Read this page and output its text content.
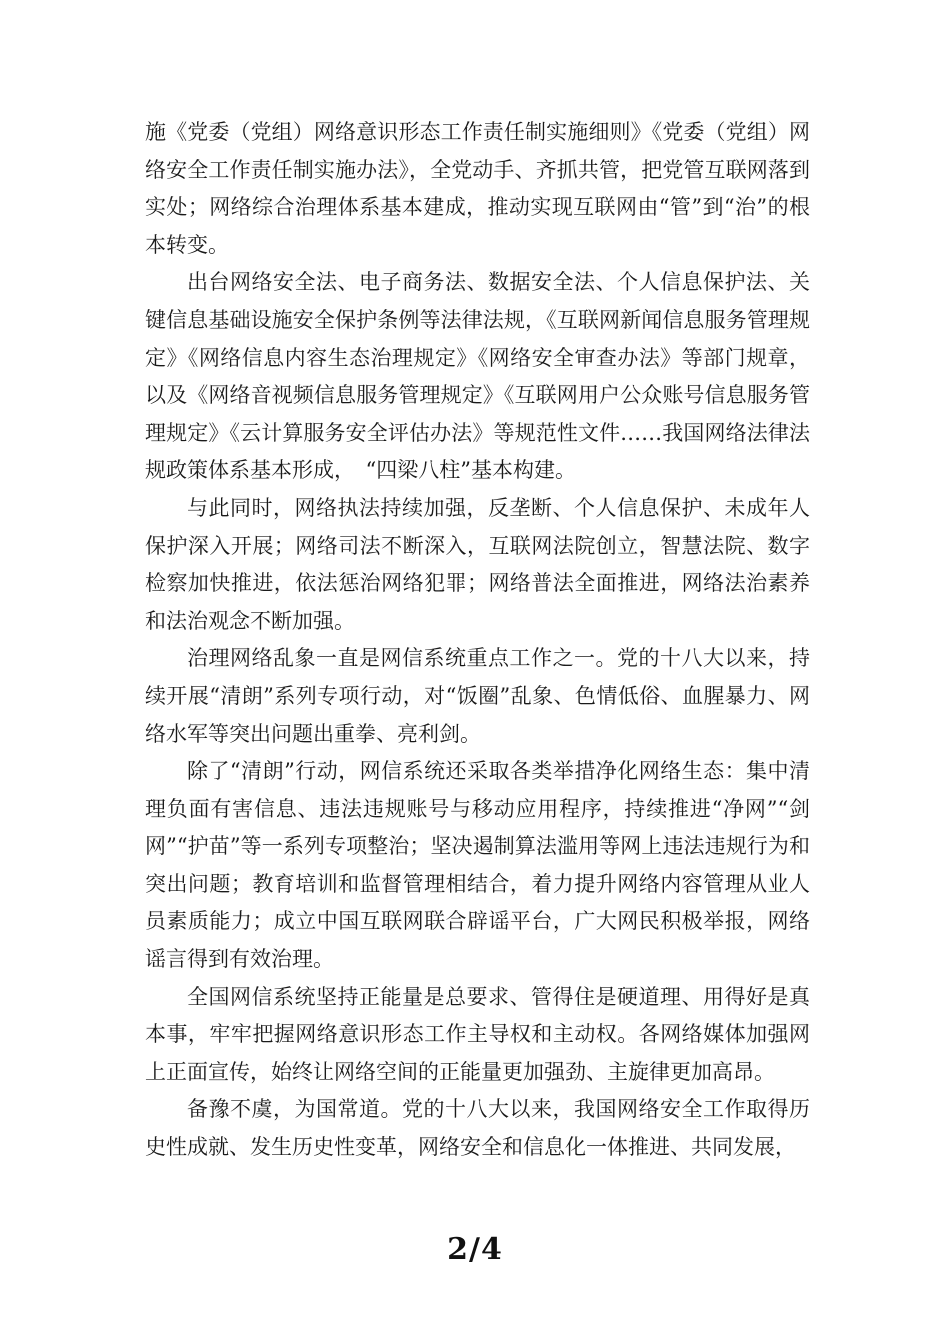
施《党委（党组）网络意识形态工作责任制实施细则》《党委（党组）网络安全工作责任制实施办法》，全党动手、齐抓共管，把党管互联网落到实处；网络综合治理体系基本建成，推动实现互联网由“管”到“治”的根本转变。

出台网络安全法、电子商务法、数据安全法、个人信息保护法、关键信息基础设施安全保护条例等法律法规，《互联网新闻信息服务管理规定》《网络信息内容生态治理规定》《网络安全审查办法》等部门规章，以及《网络音视频信息服务管理规定》《互联网用户公众账号信息服务管理规定》《云计算服务安全评估办法》等规范性文件……我国网络法律法规政策体系基本形成，　“四梁八柱”基本构建。

与此同时，网络执法持续加强，反垄断、个人信息保护、未成年人保护深入开展；网络司法不断深入，互联网法院创立，智慧法院、数字检察加快推进，依法惩治网络犯罪；网络普法全面推进，网络法治素养和法治观念不断加强。

治理网络乱象一直是网信系统重点工作之一。党的十八大以来，持续开展“清朗”系列专项行动，对“饭圈”乱象、色情低俗、血腥暴力、网络水军等突出问题出重拳、亮利剑。

除了“清朗”行动，网信系统还采取各类举措净化网络生态：集中清理负面有害信息、违法违规账号与移动应用程序，持续推进“净网”“剑网”“护苗”等一系列专项整治；坚决遏制算法滥用等网上违法违规行为和突出问题；教育培训和监督管理相结合，着力提升网络内容管理从业人员素质能力；成立中国互联网联合辟谣平台，广大网民积极举报，网络谣言得到有效治理。

全国网信系统坚持正能量是总要求、管得住是硬道理、用得好是真本事，牢牢把握网络意识形态工作主导权和主动权。各网络媒体加强网上正面宣传，始终让网络空间的正能量更加强劲、主旋律更加高昂。

备豫不虞，为国常道。党的十八大以来，我国网络安全工作取得历史性成就、发生历史性变革，网络安全和信息化一体推进、共同发展，

2/4
